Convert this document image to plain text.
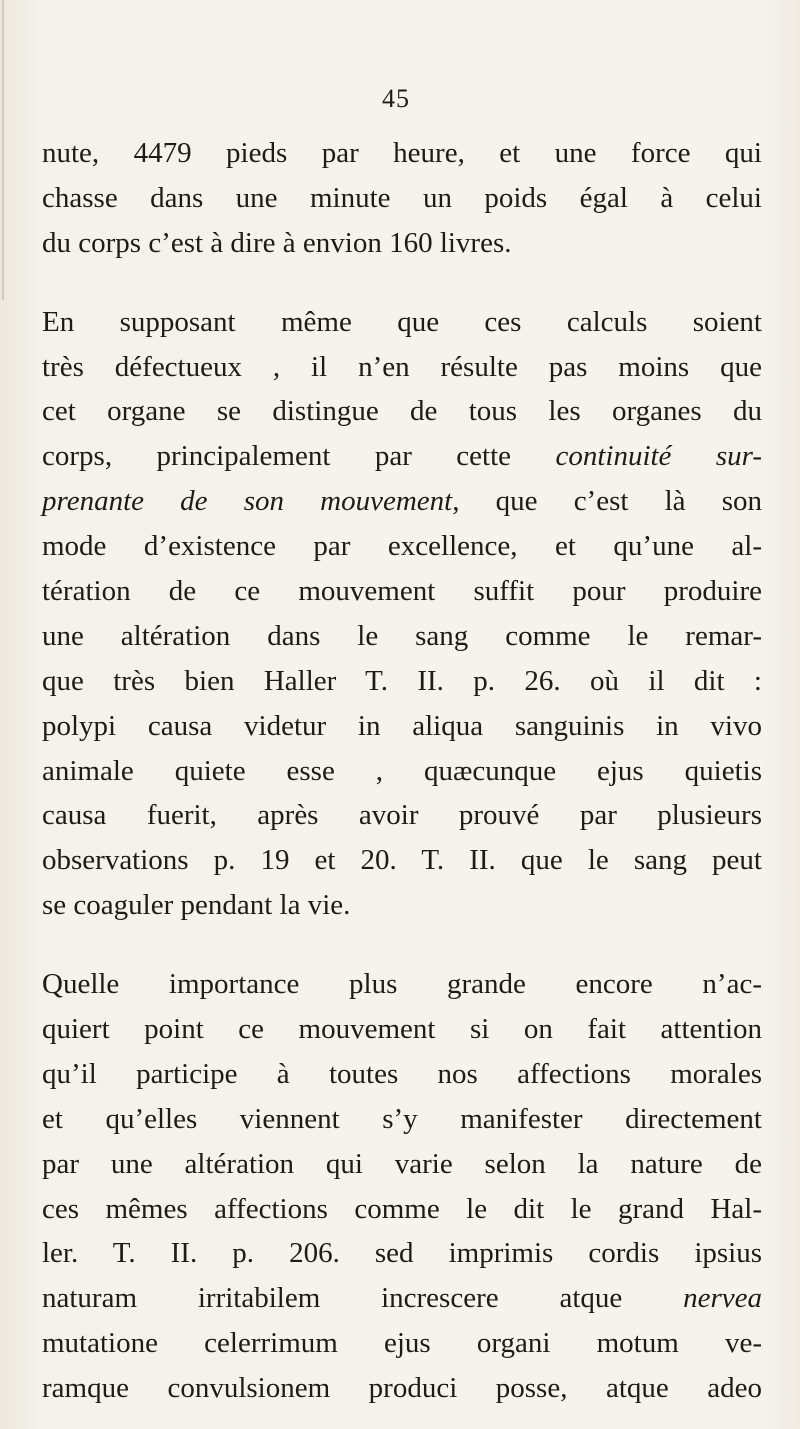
45
nute, 4479 pieds par heure, et une force qui
chasse dans une minute un poids égal à celui
du corps c’est à dire à envion 160 livres.
En supposant même que ces calculs soient
très défectueux , il n’en résulte pas moins que
cet organe se distingue de tous les organes du
corps, principalement par cette continuité sur-
prenante de son mouvement, que c’est là son
mode d’existence par excellence, et qu’une al-
tération de ce mouvement suffit pour produire
une altération dans le sang comme le remar-
que très bien Haller T. II. p. 26. où il dit :
polypi causa videtur in aliqua sanguinis in vivo
animale quiete esse , quæcunque ejus quietis
causa fuerit, après avoir prouvé par plusieurs
observations p. 19 et 20. T. II. que le sang peut
se coaguler pendant la vie.
Quelle importance plus grande encore n’ac-
quiert point ce mouvement si on fait attention
qu’il participe à toutes nos affections morales
et qu’elles viennent s’y manifester directement
par une altération qui varie selon la nature de
ces mêmes affections comme le dit le grand Hal-
ler. T. II. p. 206. sed imprimis cordis ipsius
naturam irritabilem increscere atque nervea
mutatione celerrimum ejus organi motum ve-
ramque convulsionem produci posse, atque adeo
